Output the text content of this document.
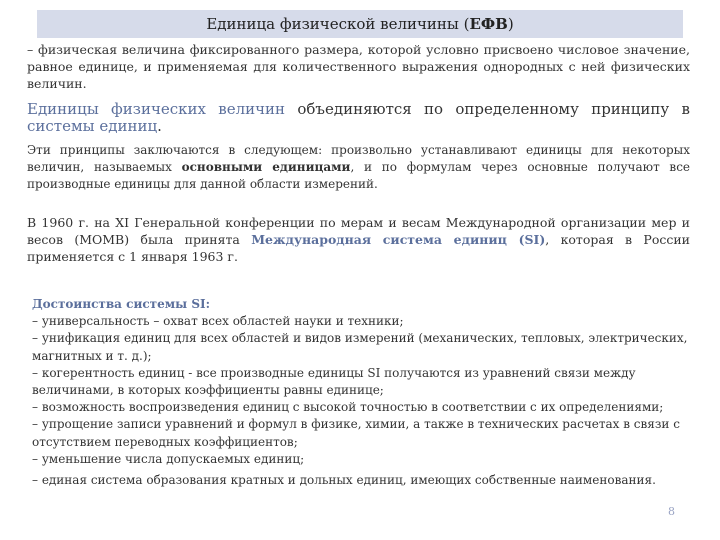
Единица физической величины ( ЕФВ )
– физическая величина фиксированного размера, которой условно присвоено числовое значение, равное единице, и применяемая для количественного выражения однородных с ней физических величин.
Единицы физических величин объединяются по определенному принципу в системы единиц.
Эти принципы заключаются в следующем: произвольно устанавливают единицы для некоторых величин, называемых основными единицами, и по формулам через основные получают все производные единицы для данной области измерений.
В 1960 г. на XI Генеральной конференции по мерам и весам Международной организации мер и весов (МОМВ) была принята Международная система единиц (SI), которая в России применяется с 1 января 1963 г.
Достоинства системы SI:
– универсальность – охват всех областей науки и техники;
– унификация единиц для всех областей и видов измерений (механических, тепловых, электрических, магнитных и т. д.);
– когерентность единиц - все производные единицы SI получаются из уравнений связи между величинами, в которых коэффициенты равны единице;
– возможность воспроизведения единиц с высокой точностью в соответствии с их определениями;
– упрощение записи уравнений и формул в физике, химии, а также в технических расчетах в связи с отсутствием переводных коэффициентов;
– уменьшение числа допускаемых единиц;
– единая система образования кратных и дольных единиц, имеющих собственные наименования.
8
